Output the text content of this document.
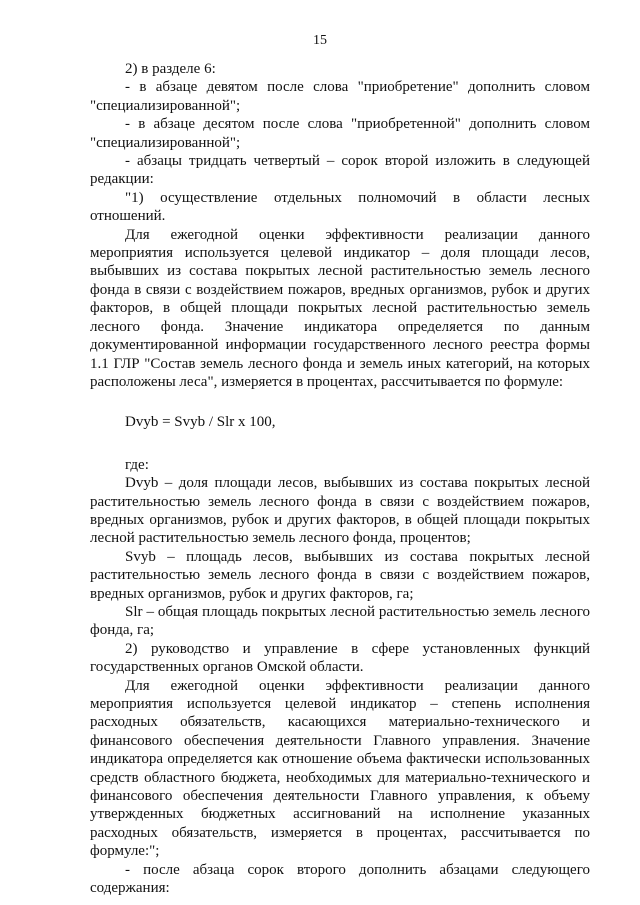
15

2) в разделе 6:

- в абзаце девятом после слова "приобретение" дополнить словом "специализированной";

- в абзаце десятом после слова "приобретенной" дополнить словом "специализированной";

- абзацы тридцать четвертый – сорок второй изложить в следующей редакции:

"1) осуществление отдельных полномочий в области лесных отношений.

Для ежегодной оценки эффективности реализации данного мероприятия используется целевой индикатор – доля площади лесов, выбывших из состава покрытых лесной растительностью земель лесного фонда в связи с воздействием пожаров, вредных организмов, рубок и других факторов, в общей площади покрытых лесной растительностью земель лесного фонда. Значение индикатора определяется по данным документированной информации государственного лесного реестра формы 1.1 ГЛР "Состав земель лесного фонда и земель иных категорий, на которых расположены леса", измеряется в процентах, рассчитывается по формуле:

Dvyb = Svyb / Slr x 100,

где:

Dvyb – доля площади лесов, выбывших из состава покрытых лесной растительностью земель лесного фонда в связи с воздействием пожаров, вредных организмов, рубок и других факторов, в общей площади покрытых лесной растительностью земель лесного фонда, процентов;

Svyb – площадь лесов, выбывших из состава покрытых лесной растительностью земель лесного фонда в связи с воздействием пожаров, вредных организмов, рубок и других факторов, га;

Slr – общая площадь покрытых лесной растительностью земель лесного фонда, га;

2) руководство и управление в сфере установленных функций государственных органов Омской области.

Для ежегодной оценки эффективности реализации данного мероприятия используется целевой индикатор – степень исполнения расходных обязательств, касающихся материально-технического и финансового обеспечения деятельности Главного управления. Значение индикатора определяется как отношение объема фактически использованных средств областного бюджета, необходимых для материально-технического и финансового обеспечения деятельности Главного управления, к объему утвержденных бюджетных ассигнований на исполнение указанных расходных обязательств, измеряется в процентах, рассчитывается по формуле:";

- после абзаца сорок второго дополнить абзацами следующего содержания:
